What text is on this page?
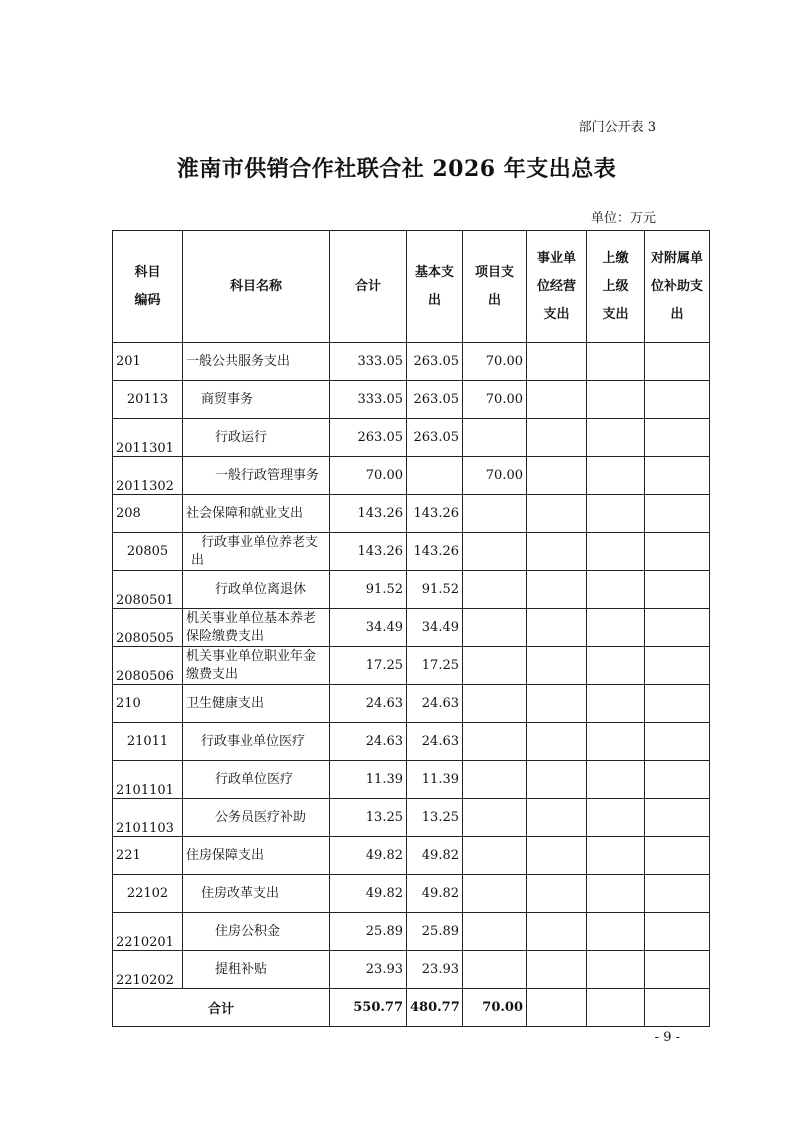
部门公开表 3
淮南市供销合作社联合社 2026 年支出总表
单位：万元
科目编码	科目名称	合计	基本支出	项目支出	事业单位经营支出	上缴上级支出	对附属单位补助支出
201	一般公共服务支出	333.05	263.05	70.00			
20113	商贸事务	333.05	263.05	70.00			
2011301	行政运行	263.05	263.05				
2011302	一般行政管理事务	70.00		70.00			
208	社会保障和就业支出	143.26	143.26				
20805	行政事业单位养老支出	143.26	143.26				
2080501	行政单位离退休	91.52	91.52				
2080505	机关事业单位基本养老保险缴费支出	34.49	34.49				
2080506	机关事业单位职业年金缴费支出	17.25	17.25				
210	卫生健康支出	24.63	24.63				
21011	行政事业单位医疗	24.63	24.63				
2101101	行政单位医疗	11.39	11.39				
2101103	公务员医疗补助	13.25	13.25				
221	住房保障支出	49.82	49.82				
22102	住房改革支出	49.82	49.82				
2210201	住房公积金	25.89	25.89				
2210202	提租补贴	23.93	23.93				
合计		550.77	480.77	70.00			
- 9 -
